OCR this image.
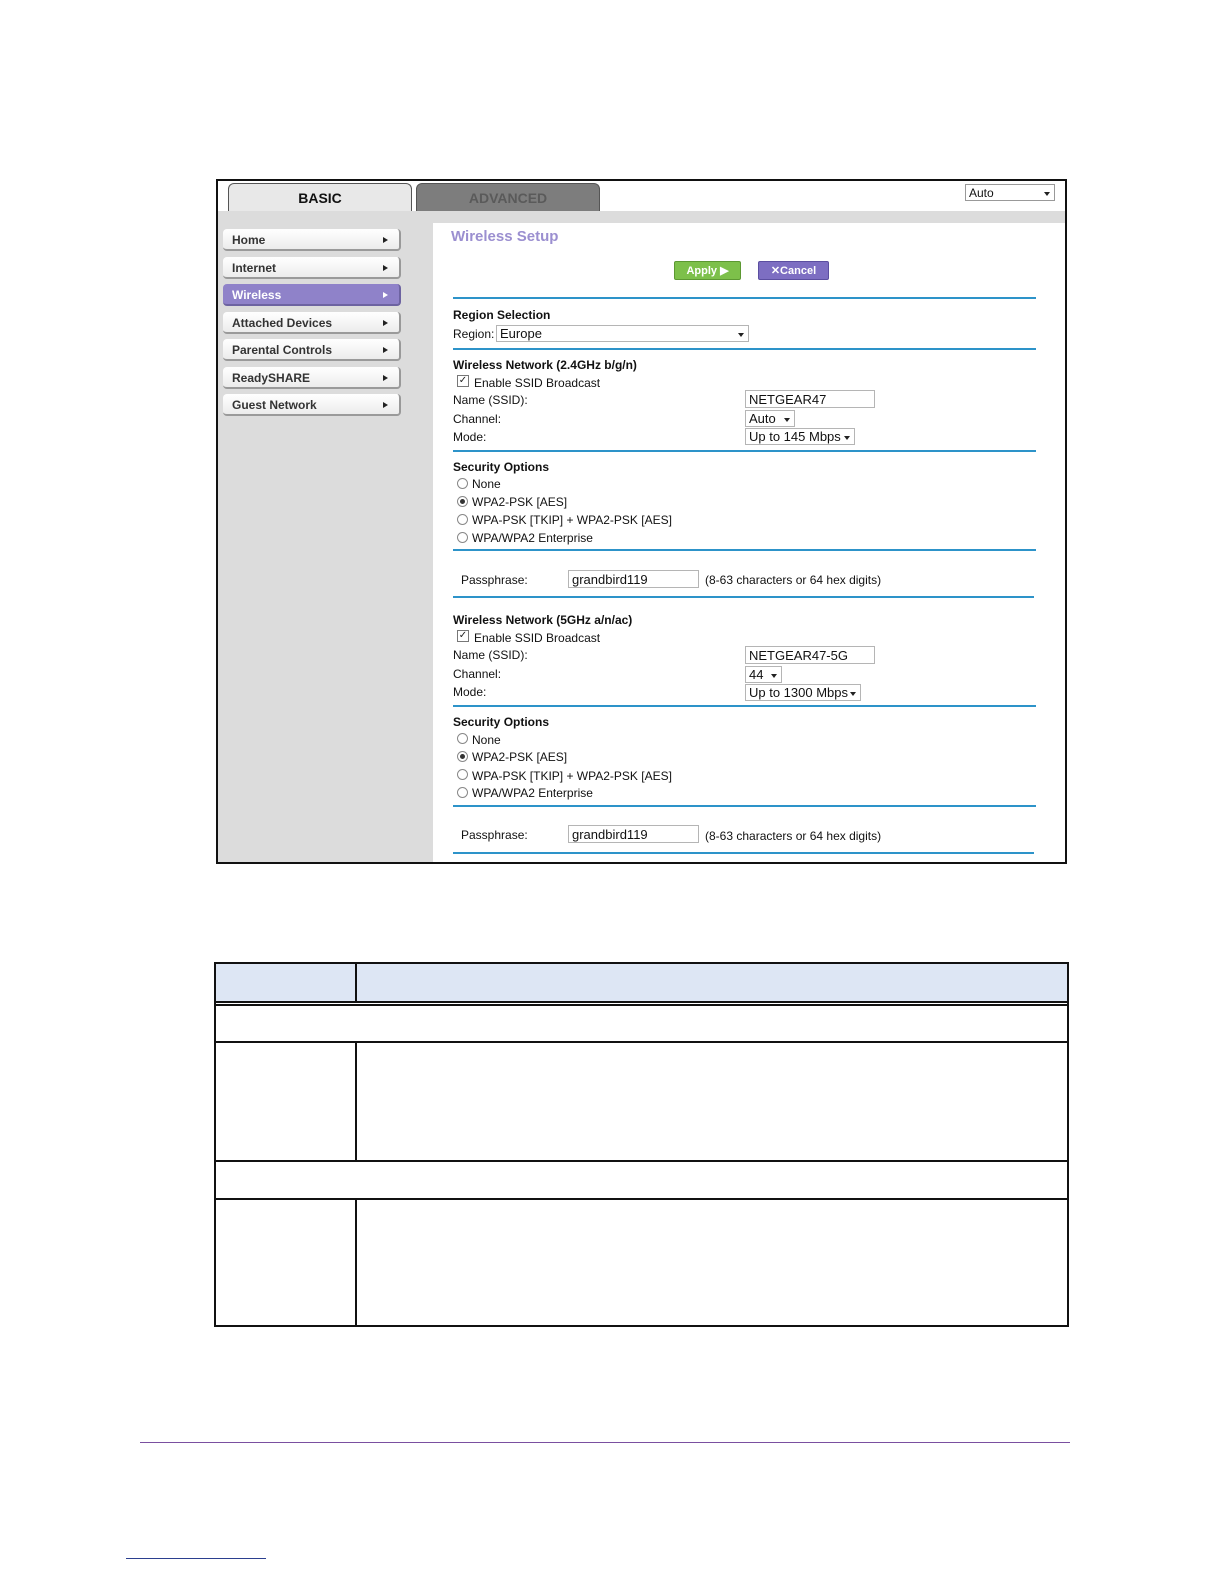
BASIC	ADVANCED	Auto
Home
Internet
Wireless
Attached Devices
Parental Controls
ReadySHARE
Guest Network
Wireless Setup
Apply ▶	✕Cancel
Region Selection
Region: Europe
Wireless Network (2.4GHz b/g/n)
✓ Enable SSID Broadcast
Name (SSID):	NETGEAR47
Channel:	Auto
Mode:	Up to 145 Mbps
Security Options
None
WPA2-PSK [AES]
WPA-PSK [TKIP] + WPA2-PSK [AES]
WPA/WPA2 Enterprise
Passphrase:	grandbird119	(8-63 characters or 64 hex digits)
Wireless Network (5GHz a/n/ac)
✓ Enable SSID Broadcast
Name (SSID):	NETGEAR47-5G
Channel:	44
Mode:	Up to 1300 Mbps
Security Options
None
WPA2-PSK [AES]
WPA-PSK [TKIP] + WPA2-PSK [AES]
WPA/WPA2 Enterprise
Passphrase:	grandbird119	(8-63 characters or 64 hex digits)
